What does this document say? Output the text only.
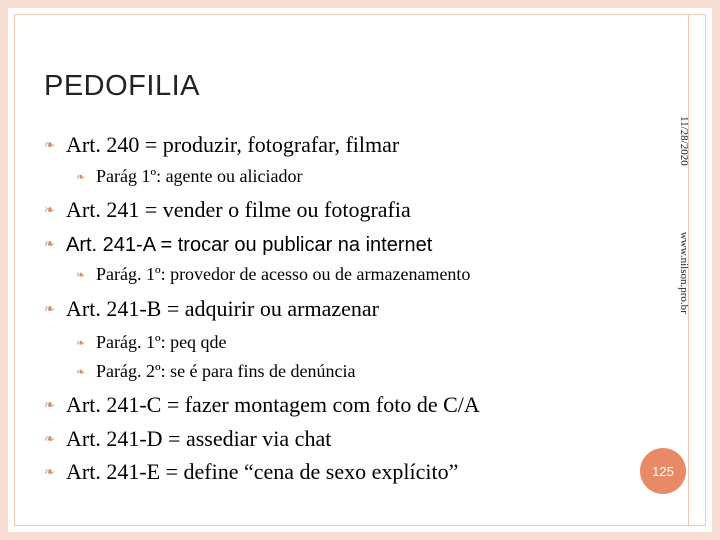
PEDOFILIA
❧ Art. 240 = produzir, fotografar, filmar
❧ Parág 1º: agente ou aliciador
❧ Art. 241 = vender o filme ou fotografia
❧ Art. 241-A = trocar ou publicar na internet
❧ Parág. 1º: provedor de acesso ou de armazenamento
❧ Art. 241-B = adquirir ou armazenar
❧ Parág. 1º: peq qde
❧ Parág. 2º: se é para fins de denúncia
❧ Art. 241-C = fazer montagem com foto de C/A
❧ Art. 241-D = assediar via chat
❧ Art. 241-E = define “cena de sexo explícito”
11/28/2020www.nilson.pro.br
125
